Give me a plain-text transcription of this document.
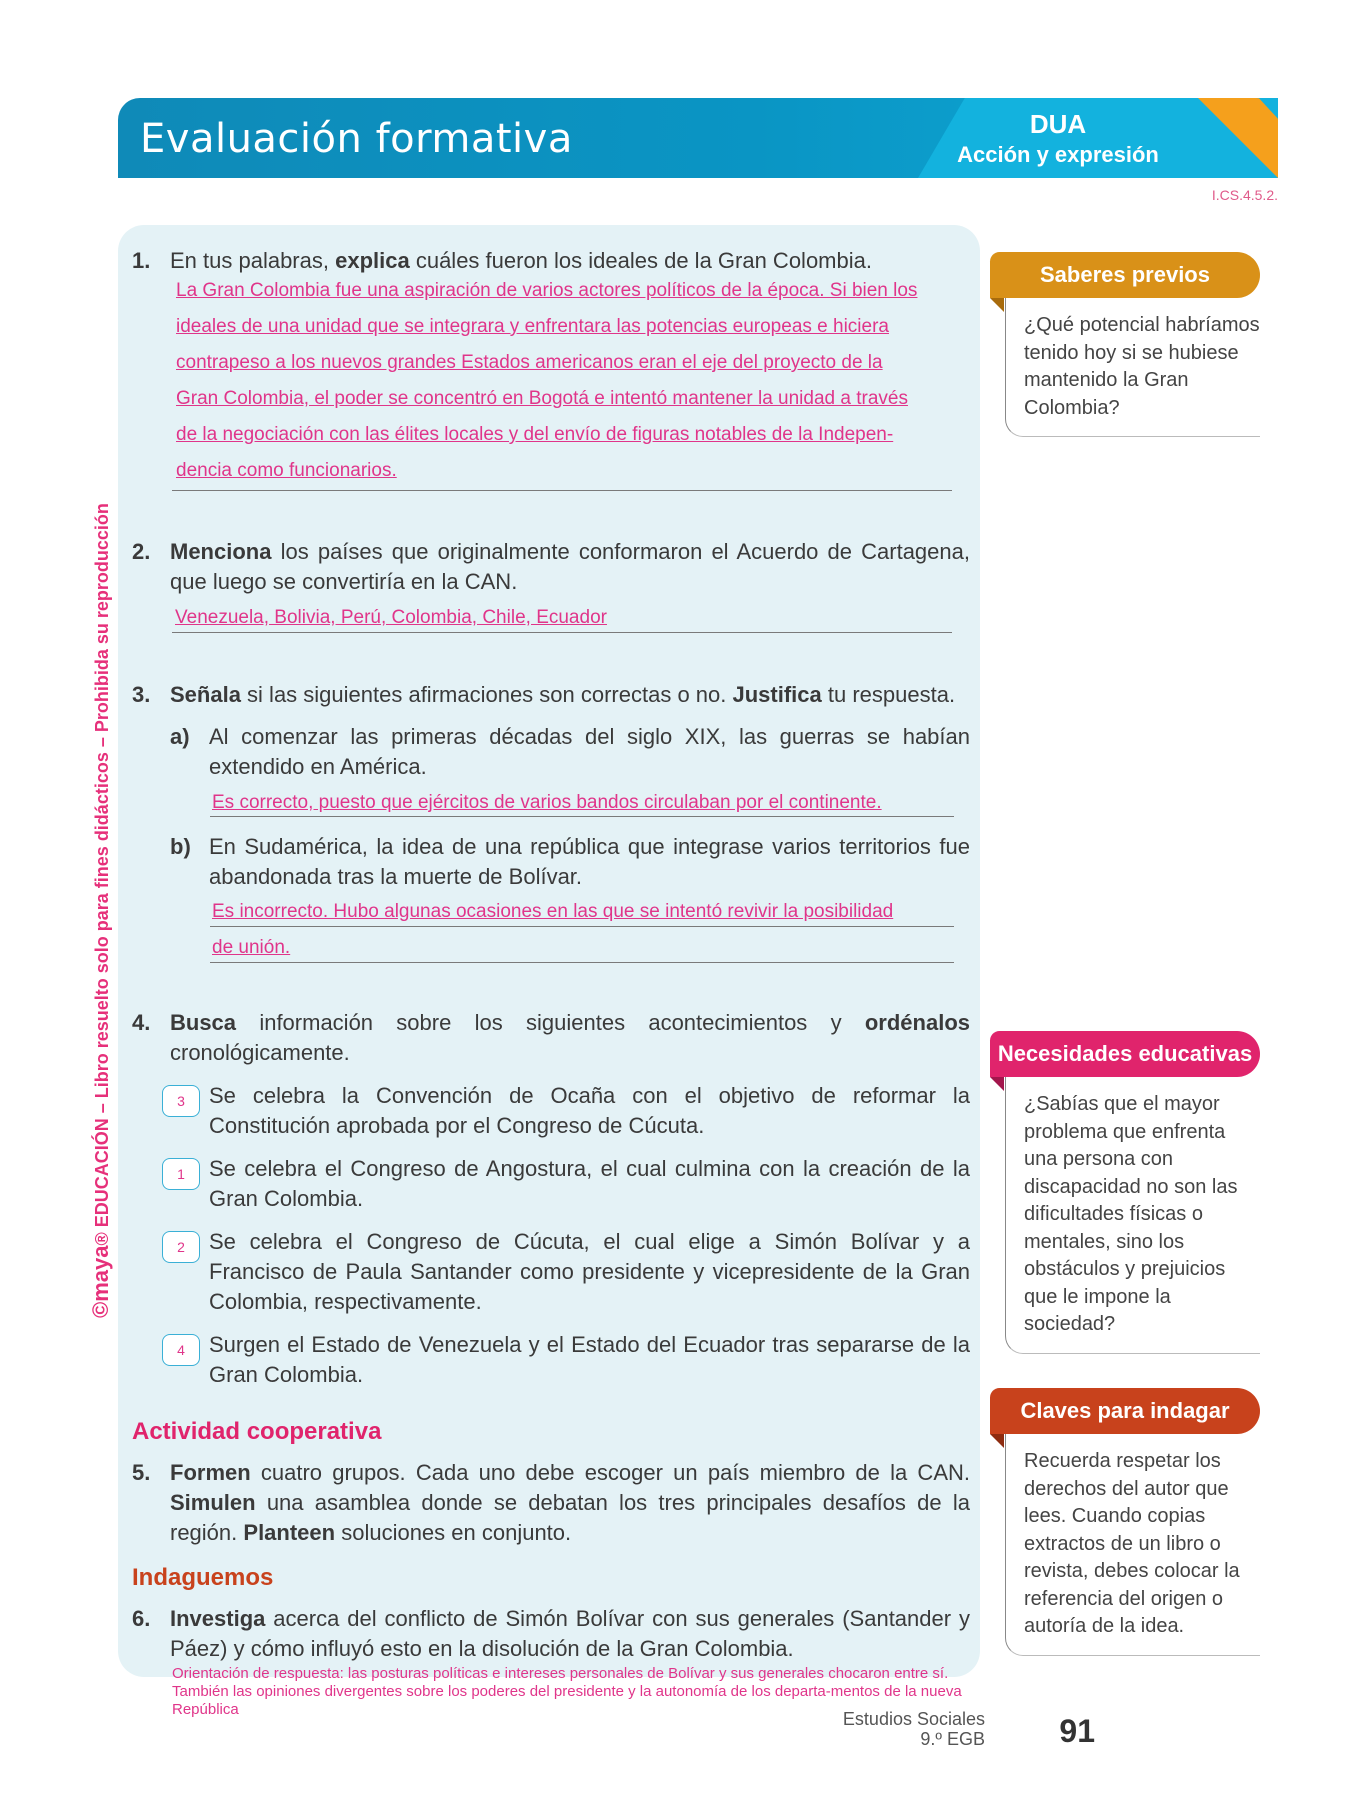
Evaluación formativa	DUA
Acción y expresión
I.CS.4.5.2.
©maya® EDUCACIÓN – Libro resuelto solo para fines didácticos – Prohibida su reproducción
1. En tus palabras, explica cuáles fueron los ideales de la Gran Colombia.
La Gran Colombia fue una aspiración de varios actores políticos de la época. Si bien los
ideales de una unidad que se integrara y enfrentara las potencias europeas e hiciera
contrapeso a los nuevos grandes Estados americanos eran el eje del proyecto de la
Gran Colombia, el poder se concentró en Bogotá e intentó mantener la unidad a través
de la negociación con las élites locales y del envío de figuras notables de la Indepen-
dencia como funcionarios.
2. Menciona los países que originalmente conformaron el Acuerdo de Cartagena, que luego se convertiría en la CAN.
Venezuela, Bolivia, Perú, Colombia, Chile, Ecuador
3. Señala si las siguientes afirmaciones son correctas o no. Justifica tu respuesta.
a) Al comenzar las primeras décadas del siglo XIX, las guerras se habían extendido en América.
Es correcto, puesto que ejércitos de varios bandos circulaban por el continente.
b) En Sudamérica, la idea de una república que integrase varios territorios fue abandonada tras la muerte de Bolívar.
Es incorrecto. Hubo algunas ocasiones en las que se intentó revivir la posibilidad
de unión.
4. Busca información sobre los siguientes acontecimientos y ordénalos cronológicamente.
3	Se celebra la Convención de Ocaña con el objetivo de reformar la Constitución aprobada por el Congreso de Cúcuta.
1	Se celebra el Congreso de Angostura, el cual culmina con la creación de la Gran Colombia.
2	Se celebra el Congreso de Cúcuta, el cual elige a Simón Bolívar y a Francisco de Paula Santander como presidente y vicepresidente de la Gran Colombia, respectivamente.
4	Surgen el Estado de Venezuela y el Estado del Ecuador tras separarse de la Gran Colombia.
Actividad cooperativa
5. Formen cuatro grupos. Cada uno debe escoger un país miembro de la CAN. Simulen una asamblea donde se debatan los tres principales desafíos de la región. Planteen soluciones en conjunto.
Indaguemos
6. Investiga acerca del conflicto de Simón Bolívar con sus generales (Santander y Páez) y cómo influyó esto en la disolución de la Gran Colombia.
Orientación de respuesta: las posturas políticas e intereses personales de Bolívar y sus generales chocaron entre sí. También las opiniones divergentes sobre los poderes del presidente y la autonomía de los departa-mentos de la nueva República
Saberes previos
¿Qué potencial habríamos tenido hoy si se hubiese mantenido la Gran Colombia?
Necesidades educativas
¿Sabías que el mayor problema que enfrenta una persona con discapacidad no son las dificultades físicas o mentales, sino los obstáculos y prejuicios que le impone la sociedad?
Claves para indagar
Recuerda respetar los derechos del autor que lees. Cuando copias extractos de un libro o revista, debes colocar la referencia del origen o autoría de la idea.
Estudios Sociales
9.º EGB 91
